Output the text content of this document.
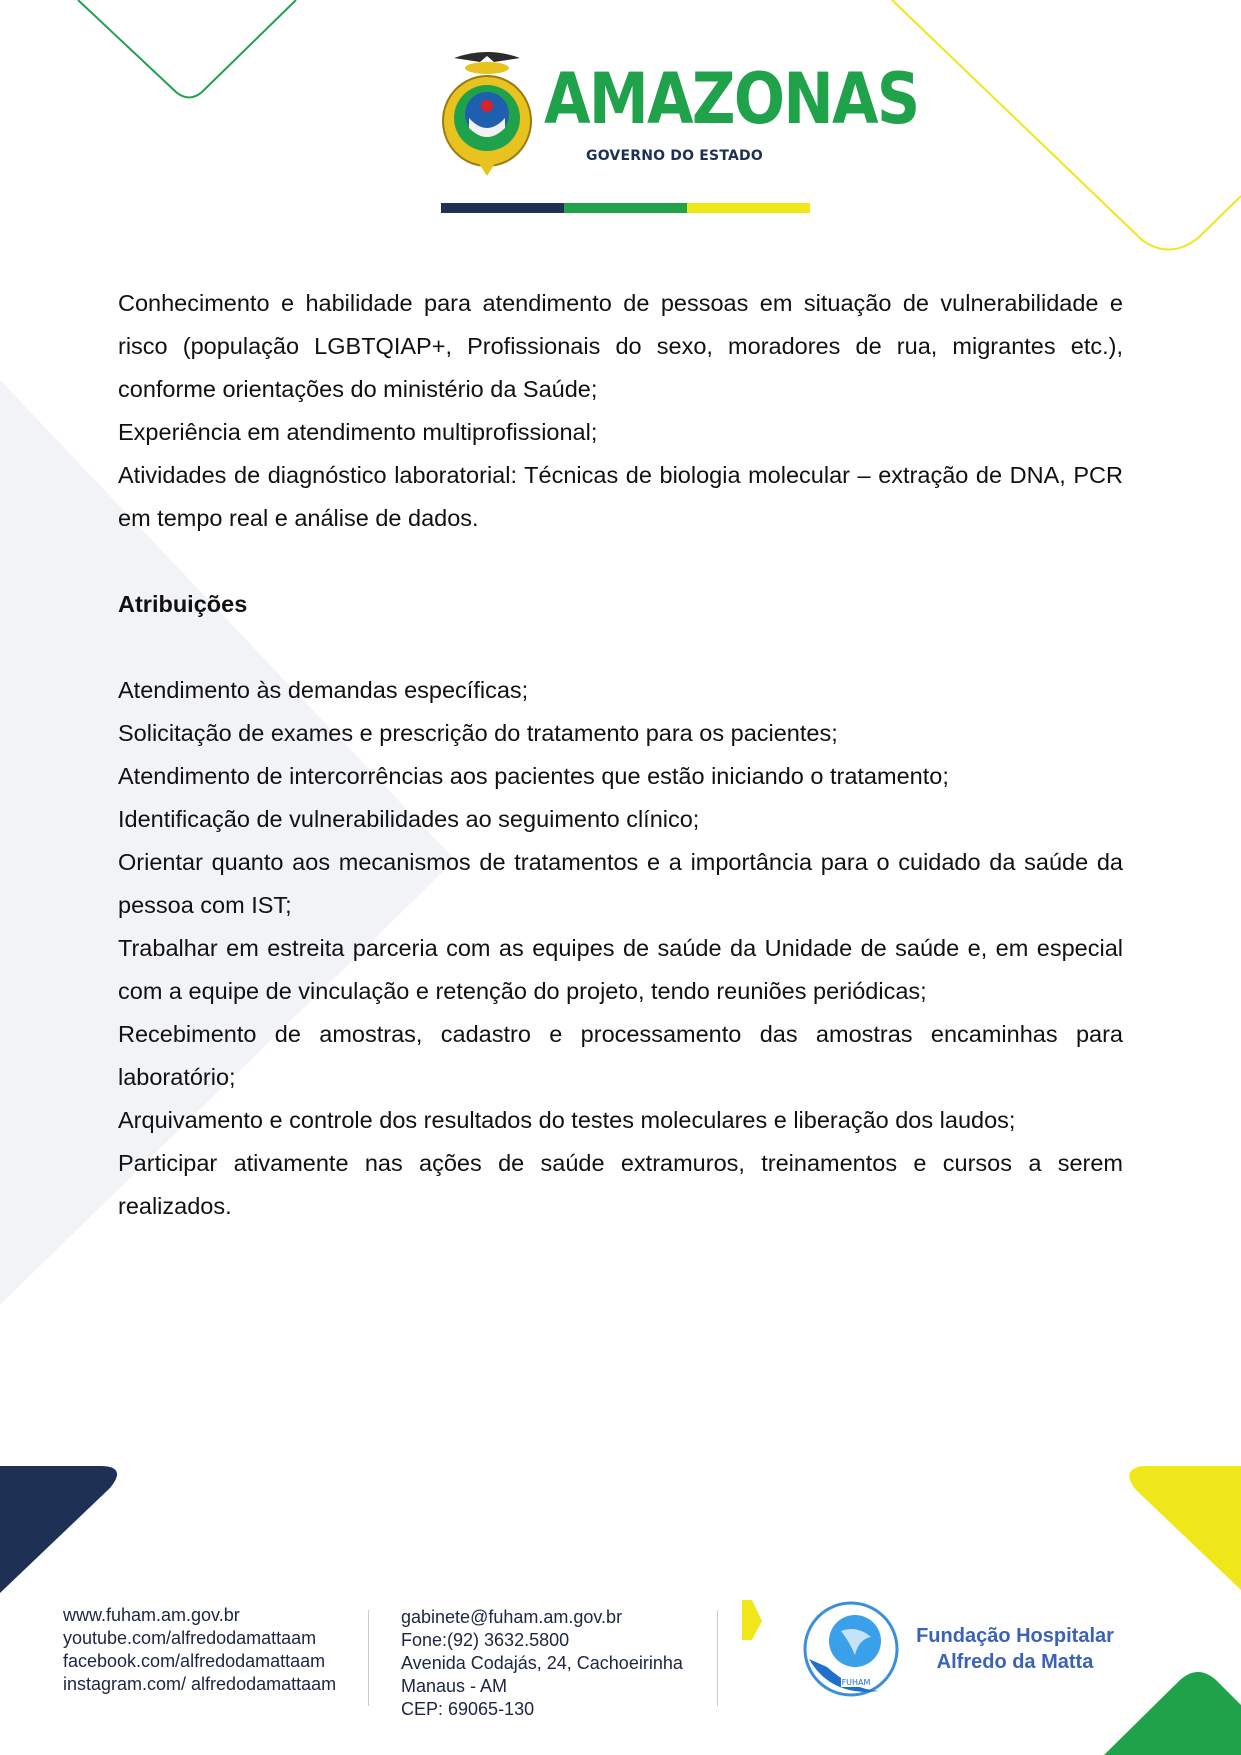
AMAZONAS
GOVERNO DO ESTADO

Conhecimento e habilidade para atendimento de pessoas em situação de vulnerabilidade e risco (população LGBTQIAP+, Profissionais do sexo, moradores de rua, migrantes etc.), conforme orientações do ministério da Saúde;

Experiência em atendimento multiprofissional;

Atividades de diagnóstico laboratorial: Técnicas de biologia molecular – extração de DNA, PCR em tempo real e análise de dados.

Atribuições

Atendimento às demandas específicas;

Solicitação de exames e prescrição do tratamento para os pacientes;

Atendimento de intercorrências aos pacientes que estão iniciando o tratamento;

Identificação de vulnerabilidades ao seguimento clínico;

Orientar quanto aos mecanismos de tratamentos e a importância para o cuidado da saúde da pessoa com IST;

Trabalhar em estreita parceria com as equipes de saúde da Unidade de saúde e, em especial com a equipe de vinculação e retenção do projeto, tendo reuniões periódicas;

Recebimento de amostras, cadastro e processamento das amostras encaminhas para laboratório;

Arquivamento e controle dos resultados do testes moleculares e liberação dos laudos;

Participar ativamente nas ações de saúde extramuros, treinamentos e cursos a serem realizados.

www.fuham.am.gov.br
youtube.com/alfredodamattaam
facebook.com/alfredodamattaam
instagram.com/ alfredodamattaam
gabinete@fuham.am.gov.br
Fone:(92) 3632.5800
Avenida Codajás, 24, Cachoeirinha
Manaus - AM
CEP: 69065-130
FUHAM
Fundação Hospitalar
Alfredo da Matta
